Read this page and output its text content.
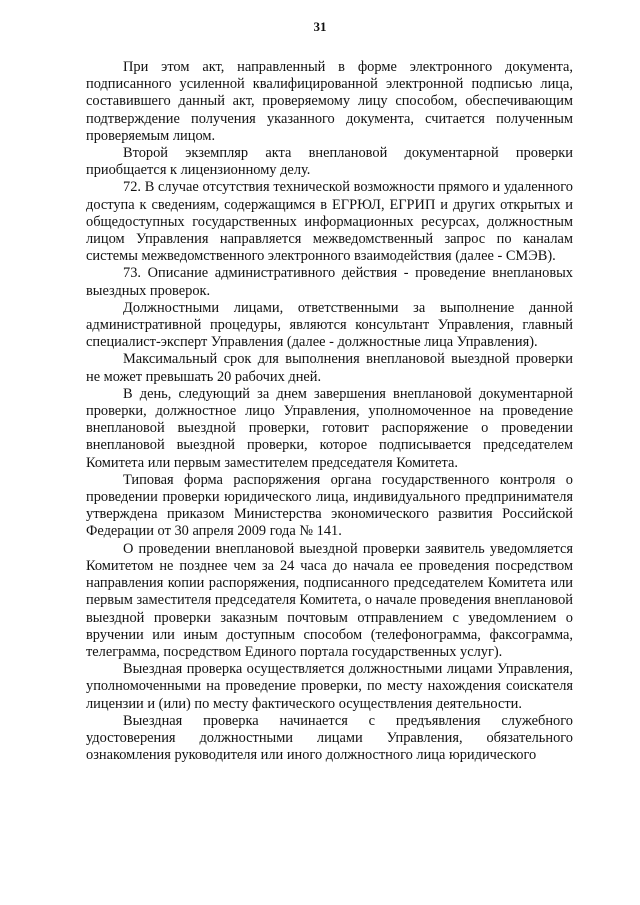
31

При этом акт, направленный в форме электронного документа, подписанного усиленной квалифицированной электронной подписью лица, составившего данный акт, проверяемому лицу способом, обеспечивающим подтверждение получения указанного документа, считается полученным проверяемым лицом.

Второй экземпляр акта внеплановой документарной проверки приобщается к лицензионному делу.

72. В случае отсутствия технической возможности прямого и удаленного доступа к сведениям, содержащимся в ЕГРЮЛ, ЕГРИП и других открытых и общедоступных государственных информационных ресурсах, должностным лицом Управления направляется межведомственный запрос по каналам системы межведомственного электронного взаимодействия (далее - СМЭВ).

73. Описание административного действия - проведение внеплановых выездных проверок.

Должностными лицами, ответственными за выполнение данной административной процедуры, являются консультант Управления, главный специалист-эксперт Управления (далее - должностные лица Управления).

Максимальный срок для выполнения внеплановой выездной проверки не может превышать 20 рабочих дней.

В день, следующий за днем завершения внеплановой документарной проверки, должностное лицо Управления, уполномоченное на проведение внеплановой выездной проверки, готовит распоряжение о проведении внеплановой выездной проверки, которое подписывается председателем Комитета или первым заместителем председателя Комитета.

Типовая форма распоряжения органа государственного контроля о проведении проверки юридического лица, индивидуального предпринимателя утверждена приказом Министерства экономического развития Российской Федерации от 30 апреля 2009 года № 141.

О проведении внеплановой выездной проверки заявитель уведомляется Комитетом не позднее чем за 24 часа до начала ее проведения посредством направления копии распоряжения, подписанного председателем Комитета или первым заместителя председателя Комитета, о начале проведения внеплановой выездной проверки заказным почтовым отправлением с уведомлением о вручении или иным доступным способом (телефонограмма, факсограмма, телеграмма, посредством Единого портала государственных услуг).

Выездная проверка осуществляется должностными лицами Управления, уполномоченными на проведение проверки, по месту нахождения соискателя лицензии и (или) по месту фактического осуществления деятельности.

Выездная проверка начинается с предъявления служебного удостоверения должностными лицами Управления, обязательного ознакомления руководителя или иного должностного лица юридического
